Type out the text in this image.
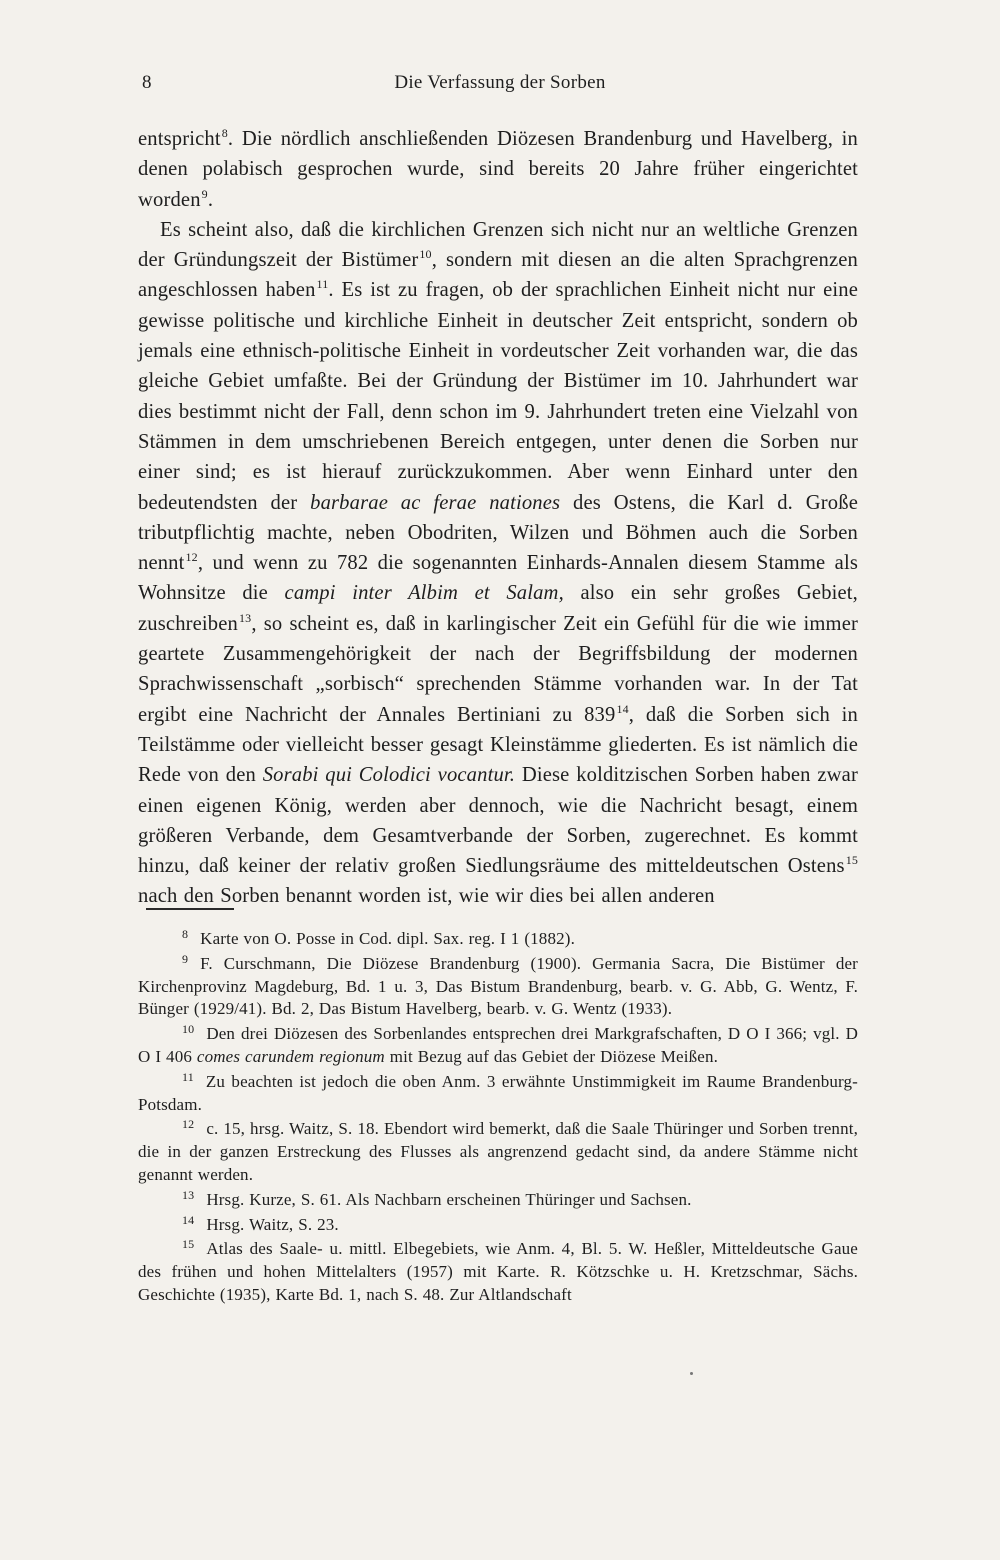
8	Die Verfassung der Sorben

entspricht$^8$. Die nördlich anschließenden Diözesen Brandenburg und Havelberg, in denen polabisch gesprochen wurde, sind bereits 20 Jahre früher eingerichtet worden$^9$.

Es scheint also, daß die kirchlichen Grenzen sich nicht nur an weltliche Grenzen der Gründungszeit der Bistümer$^{10}$, sondern mit diesen an die alten Sprachgrenzen angeschlossen haben$^{11}$. Es ist zu fragen, ob der sprachlichen Einheit nicht nur eine gewisse politische und kirchliche Einheit in deutscher Zeit entspricht, sondern ob jemals eine ethnisch-politische Einheit in vordeutscher Zeit vorhanden war, die das gleiche Gebiet umfaßte. Bei der Gründung der Bistümer im 10. Jahrhundert war dies bestimmt nicht der Fall, denn schon im 9. Jahrhundert treten eine Vielzahl von Stämmen in dem umschriebenen Bereich entgegen, unter denen die Sorben nur einer sind; es ist hierauf zurückzukommen. Aber wenn Einhard unter den bedeutendsten der barbarae ac ferae nationes des Ostens, die Karl d. Große tributpflichtig machte, neben Obodriten, Wilzen und Böhmen auch die Sorben nennt$^{12}$, und wenn zu 782 die sogenannten Einhards-Annalen diesem Stamme als Wohnsitze die campi inter Albim et Salam, also ein sehr großes Gebiet, zuschreiben$^{13}$, so scheint es, daß in karlingischer Zeit ein Gefühl für die wie immer geartete Zusammengehörigkeit der nach der Begriffsbildung der modernen Sprachwissenschaft „sorbisch“ sprechenden Stämme vorhanden war. In der Tat ergibt eine Nachricht der Annales Bertiniani zu 839$^{14}$, daß die Sorben sich in Teilstämme oder vielleicht besser gesagt Kleinstämme gliederten. Es ist nämlich die Rede von den Sorabi qui Colodici vocantur. Diese kolditzischen Sorben haben zwar einen eigenen König, werden aber dennoch, wie die Nachricht besagt, einem größeren Verbande, dem Gesamtverbande der Sorben, zugerechnet. Es kommt hinzu, daß keiner der relativ großen Siedlungsräume des mitteldeutschen Ostens$^{15}$ nach den Sorben benannt worden ist, wie wir dies bei allen anderen

8 Karte von O. Posse in Cod. dipl. Sax. reg. I 1 (1882).

9 F. Curschmann, Die Diözese Brandenburg (1900). Germania Sacra, Die Bistümer der Kirchenprovinz Magdeburg, Bd. 1 u. 3, Das Bistum Brandenburg, bearb. v. G. Abb, G. Wentz, F. Bünger (1929/41). Bd. 2, Das Bistum Havelberg, bearb. v. G. Wentz (1933).

10 Den drei Diözesen des Sorbenlandes entsprechen drei Markgrafschaften, D O I 366; vgl. D O I 406 comes carundem regionum mit Bezug auf das Gebiet der Diözese Meißen.

11 Zu beachten ist jedoch die oben Anm. 3 erwähnte Unstimmigkeit im Raume Brandenburg-Potsdam.

12 c. 15, hrsg. Waitz, S. 18. Ebendort wird bemerkt, daß die Saale Thüringer und Sorben trennt, die in der ganzen Erstreckung des Flusses als angrenzend gedacht sind, da andere Stämme nicht genannt werden.

13 Hrsg. Kurze, S. 61. Als Nachbarn erscheinen Thüringer und Sachsen.

14 Hrsg. Waitz, S. 23.

15 Atlas des Saale- u. mittl. Elbegebiets, wie Anm. 4, Bl. 5. W. Heßler, Mitteldeutsche Gaue des frühen und hohen Mittelalters (1957) mit Karte. R. Kötzschke u. H. Kretzschmar, Sächs. Geschichte (1935), Karte Bd. 1, nach S. 48. Zur Altlandschaft
